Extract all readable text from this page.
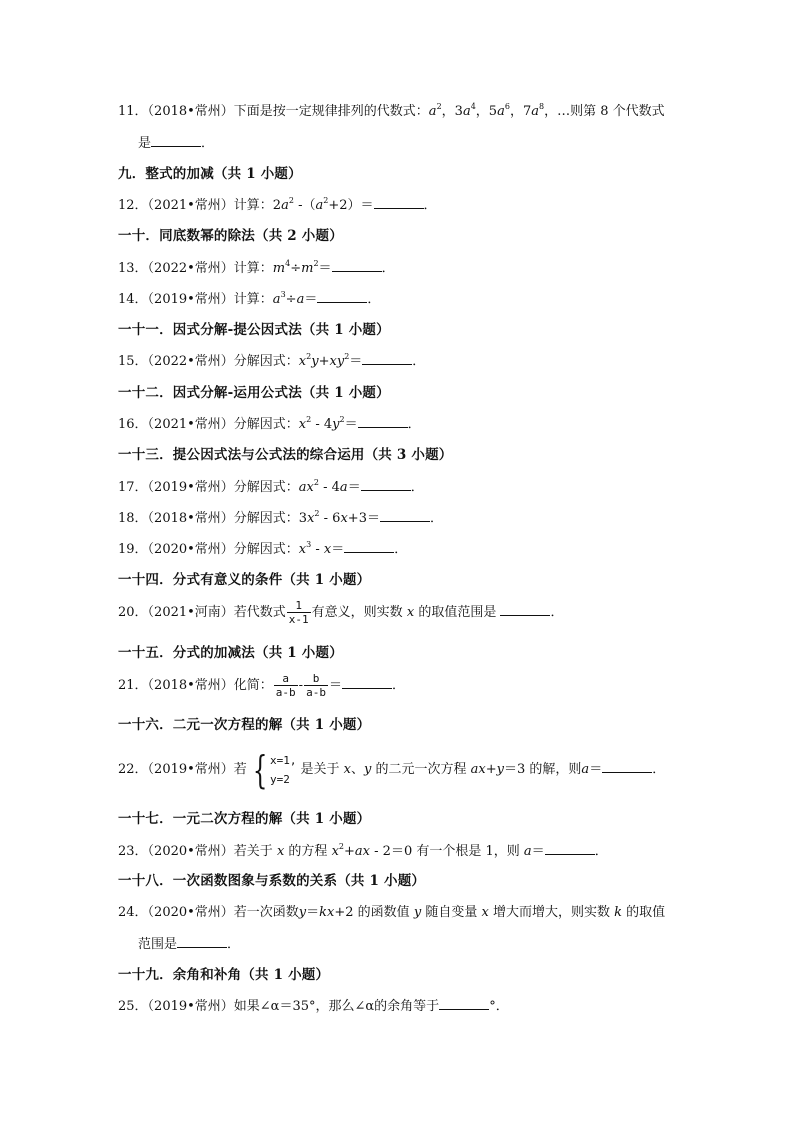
11．（2018•常州）下面是按一定规律排列的代数式：$a^2$，$3a^4$，$5a^6$，$7a^8$，…则第 8 个代数式
是	．
九．整式的加减（共 1 小题）
12．（2021•常州）计算：$2a^2$ $-(a^2+2)=$	．
一十．同底数幂的除法（共 2 小题）
13．（2022•常州）计算：$m^4\div m^2=$	．
14．（2019•常州）计算：$a^3\div a=$	．
一十一．因式分解-提公因式法（共 1 小题）
15．（2022•常州）分解因式：$x^2y+xy^2=$	．
一十二．因式分解-运用公式法（共 1 小题）
16．（2021•常州）分解因式：$x^2 - 4y^2=$	．
一十三．提公因式法与公式法的综合运用（共 3 小题）
17．（2019•常州）分解因式：$ax^2 - 4a=$	．
18．（2018•常州）分解因式：$3x^2 - 6x+3=$	．
19．（2020•常州）分解因式：$x^3 - x=$	．
一十四．分式有意义的条件（共 1 小题）
20．（2021•河南）若代数式 $\frac{1}{x-1}$ 有意义，则实数 x 的取值范围是	．
一十五．分式的加减法（共 1 小题）
21．（2018•常州）化简： $\frac{a}{a-b} - \frac{b}{a-b}$ ＝	．
一十六．二元一次方程的解（共 1 小题）
22．（2019•常州）若 { x=1,
y=2
是关于 x、y 的二元一次方程 ax+y＝3 的解，则a＝	．
一十七．一元二次方程的解（共 1 小题）
23．（2020•常州）若关于 x 的方程 $x^2+ax - 2=0$ 有一个根是 1，则 a＝	．
一十八．一次函数图象与系数的关系（共 1 小题）
24．（2020•常州）若一次函数y＝kx+2 的函数值 y 随自变量 x 增大而增大，则实数 k 的取值
范围是	．
一十九．余角和补角（共 1 小题）
25．（2019•常州）如果∠α＝35°，那么∠α的余角等于	°．
